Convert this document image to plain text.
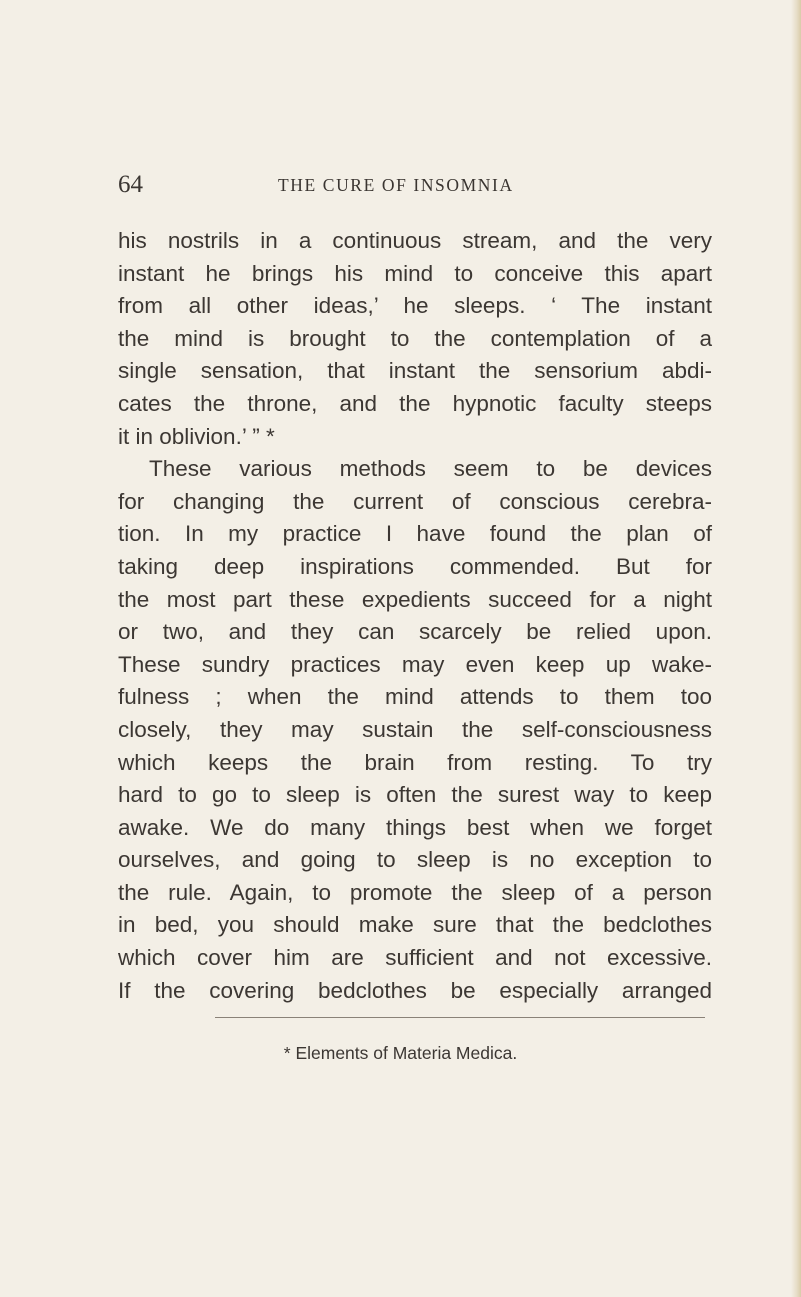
64	THE CURE OF INSOMNIA
his nostrils in a continuous stream, and the very
instant he brings his mind to conceive this apart
from all other ideas,’ he sleeps. ‘ The instant
the mind is brought to the contemplation of a
single sensation, that instant the sensorium abdi-
cates the throne, and the hypnotic faculty steeps
it in oblivion.’ ” *
These various methods seem to be devices
for changing the current of conscious cerebra-
tion. In my practice I have found the plan of
taking deep inspirations commended. But for
the most part these expedients succeed for a night
or two, and they can scarcely be relied upon.
These sundry practices may even keep up wake-
fulness ; when the mind attends to them too
closely, they may sustain the self-consciousness
which keeps the brain from resting. To try
hard to go to sleep is often the surest way to keep
awake. We do many things best when we forget
ourselves, and going to sleep is no exception to
the rule. Again, to promote the sleep of a person
in bed, you should make sure that the bedclothes
which cover him are sufficient and not excessive.
If the covering bedclothes be especially arranged
* Elements of Materia Medica.
